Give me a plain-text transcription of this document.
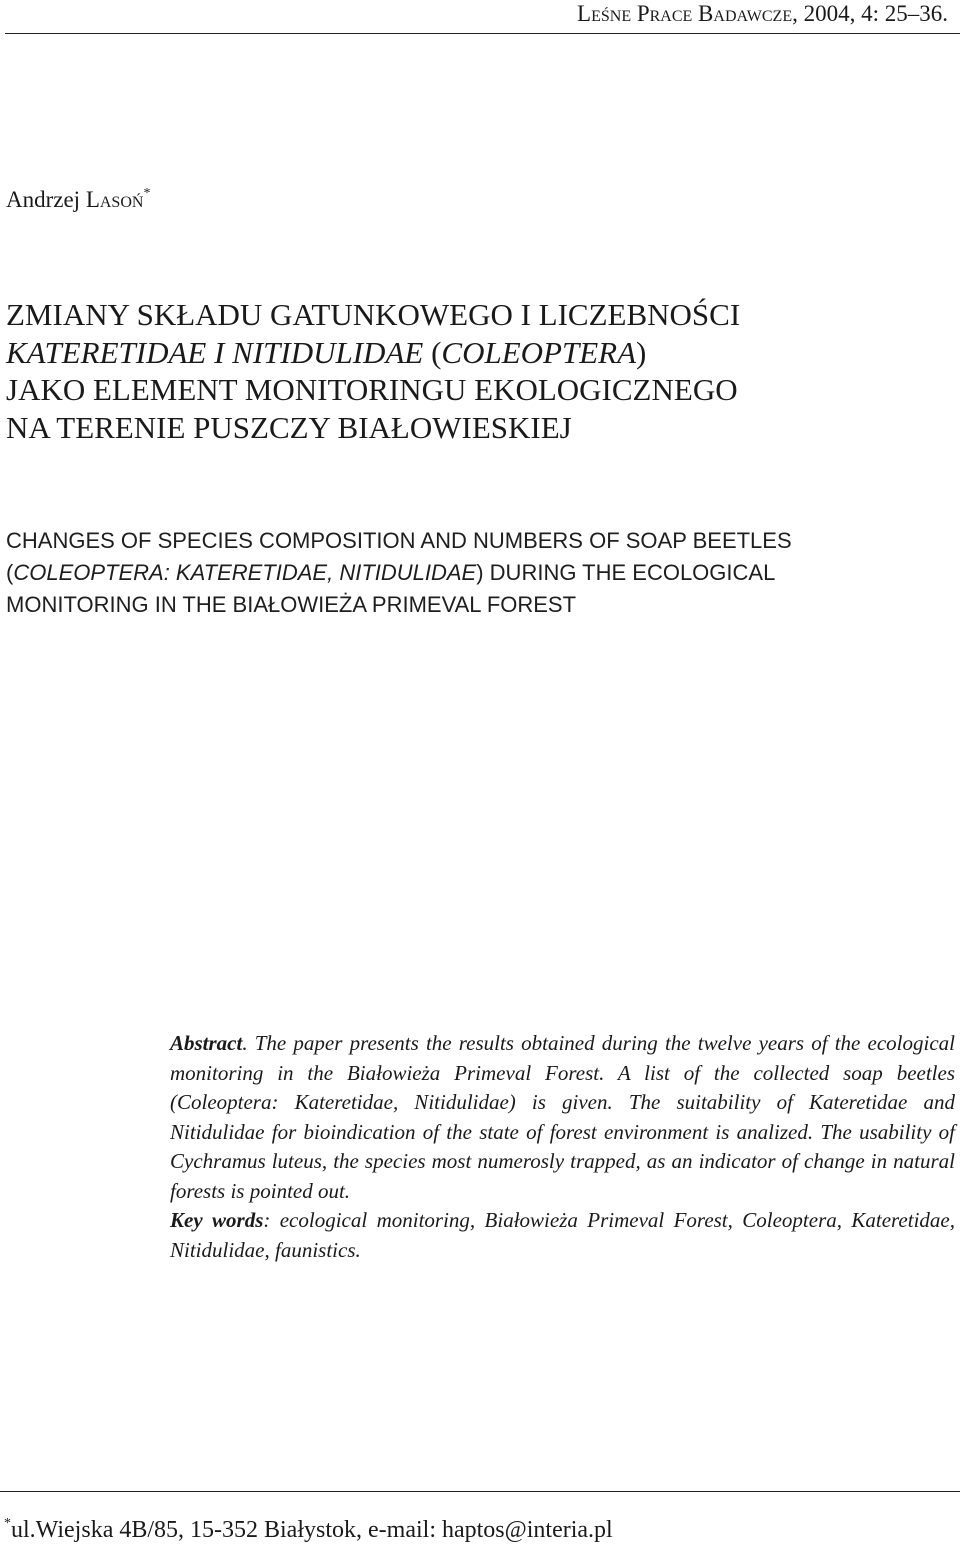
Leśne Prace Badawcze, 2004, 4: 25–36.
Andrzej Lasoń*
ZMIANY SKŁADU GATUNKOWEGO I LICZEBNOŚCI
KATERETIDAE I NITIDULIDAE (COLEOPTERA)
JAKO ELEMENT MONITORINGU EKOLOGICZNEGO
NA TERENIE PUSZCZY BIAŁOWIESKIEJ
CHANGES OF SPECIES COMPOSITION AND NUMBERS OF SOAP BEETLES
(COLEOPTERA: KATERETIDAE, NITIDULIDAE) DURING THE ECOLOGICAL
MONITORING IN THE BIAŁOWIEŻA PRIMEVAL FOREST

Abstract. The paper presents the results obtained during the twelve years of the ecological monitoring in the Białowieża Primeval Forest. A list of the collected soap beetles (Coleoptera: Kateretidae, Nitidulidae) is given. The suitability of Kateretidae and Nitidulidae for bioindication of the state of forest environment is analized. The usability of Cychramus luteus, the species most numerosly trapped, as an indicator of change in natural forests is pointed out.

Key words: ecological monitoring, Białowieża Primeval Forest, Coleoptera, Kateretidae, Nitidulidae, faunistics.

*ul.Wiejska 4B/85, 15-352 Białystok, e-mail: haptos@interia.pl
